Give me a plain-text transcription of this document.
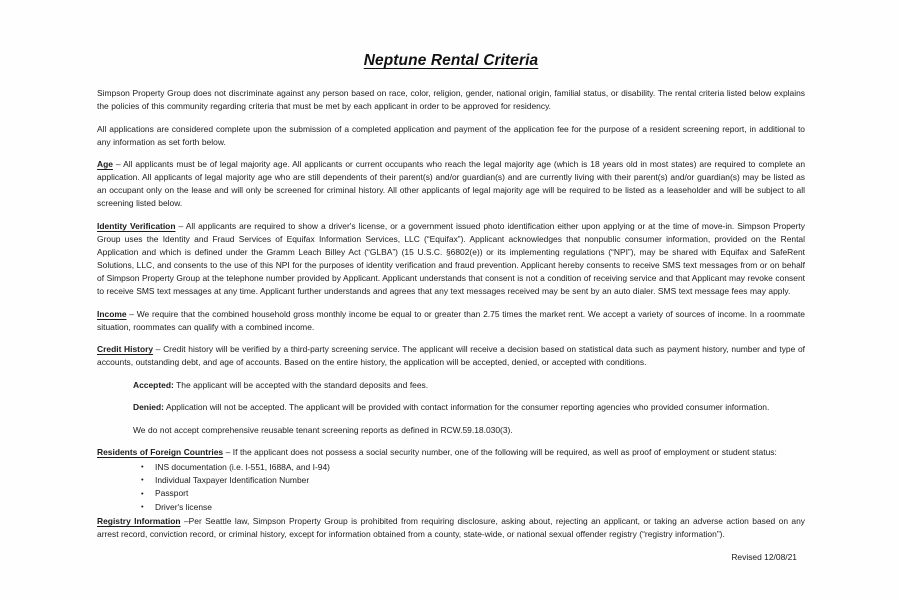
Neptune Rental Criteria

Simpson Property Group does not discriminate against any person based on race, color, religion, gender, national origin, familial status, or disability. The rental criteria listed below explains the policies of this community regarding criteria that must be met by each applicant in order to be approved for residency.

All applications are considered complete upon the submission of a completed application and payment of the application fee for the purpose of a resident screening report, in additional to any information as set forth below.

Age – All applicants must be of legal majority age. All applicants or current occupants who reach the legal majority age (which is 18 years old in most states) are required to complete an application. All applicants of legal majority age who are still dependents of their parent(s) and/or guardian(s) and are currently living with their parent(s) and/or guardian(s) may be listed as an occupant only on the lease and will only be screened for criminal history. All other applicants of legal majority age will be required to be listed as a leaseholder and will be subject to all screening listed below.

Identity Verification – All applicants are required to show a driver's license, or a government issued photo identification either upon applying or at the time of move-in. Simpson Property Group uses the Identity and Fraud Services of Equifax Information Services, LLC (“Equifax”). Applicant acknowledges that nonpublic consumer information, provided on the Rental Application and which is defined under the Gramm Leach Billey Act (“GLBA”) (15 U.S.C. §6802(e)) or its implementing regulations (“NPI”), may be shared with Equifax and SafeRent Solutions, LLC, and consents to the use of this NPI for the purposes of identity verification and fraud prevention. Applicant hereby consents to receive SMS text messages from or on behalf of Simpson Property Group at the telephone number provided by Applicant. Applicant understands that consent is not a condition of receiving service and that Applicant may revoke consent to receive SMS text messages at any time. Applicant further understands and agrees that any text messages received may be sent by an auto dialer. SMS text message fees may apply.

Income – We require that the combined household gross monthly income be equal to or greater than 2.75 times the market rent. We accept a variety of sources of income. In a roommate situation, roommates can qualify with a combined income.

Credit History – Credit history will be verified by a third-party screening service. The applicant will receive a decision based on statistical data such as payment history, number and type of accounts, outstanding debt, and age of accounts. Based on the entire history, the application will be accepted, denied, or accepted with conditions.

Accepted: The applicant will be accepted with the standard deposits and fees.

Denied: Application will not be accepted. The applicant will be provided with contact information for the consumer reporting agencies who provided consumer information.

We do not accept comprehensive reusable tenant screening reports as defined in RCW.59.18.030(3).

Residents of Foreign Countries – If the applicant does not possess a social security number, one of the following will be required, as well as proof of employment or student status:

• INS documentation (i.e. I-551, I688A, and I-94)
• Individual Taxpayer Identification Number
• Passport
• Driver's license

Registry Information –Per Seattle law, Simpson Property Group is prohibited from requiring disclosure, asking about, rejecting an applicant, or taking an adverse action based on any arrest record, conviction record, or criminal history, except for information obtained from a county, state-wide, or national sexual offender registry (“registry information”).

Revised 12/08/21
